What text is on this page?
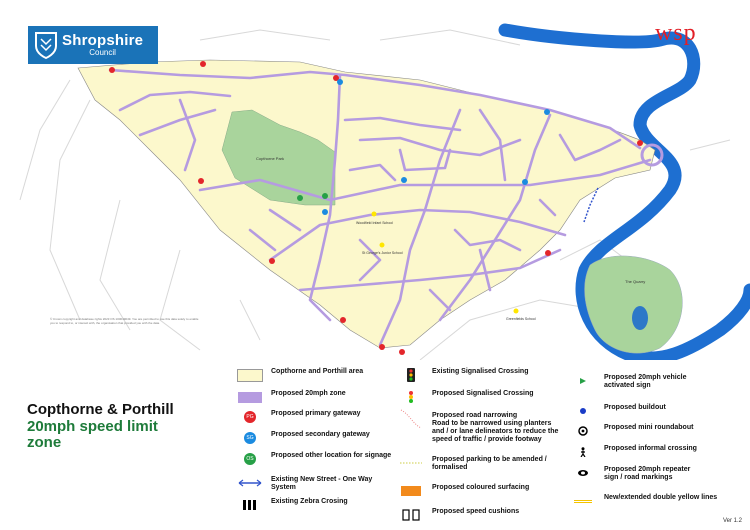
The Quarry
Copthorne Park
Woodfield Infant School
St George's Junior School
Greenfields School
© Crown copyright and database rights 2023 OS 100049049. You are permitted to use this data solely to enable you to respond to, or interact with, the organisation that provided you with the data.
Shropshire
Council
wsp
Copthorne & Porthill
20mph speed limit
zone
Copthorne and Porthill area
Proposed 20mph zone
PG	Proposed primary gateway
SG	Proposed secondary gateway
OS	Proposed other location for signage
Existing New Street - One Way
System
Existing Zebra Crosing
Existing Signalised Crossing
Proposed Signalised Crossing
Proposed road narrowing
Road to be narrowed using planters
and / or lane delineators to reduce the
speed of traffic / provide footway
Proposed parking to be amended /
formalised
Proposed coloured surfacing
Proposed speed cushions
Proposed 20mph vehicle
activated sign
Proposed buildout
Proposed mini roundabout
Proposed informal crossing
Proposed 20mph repeater
sign / road markings
New/extended double yellow lines
Ver 1.2
